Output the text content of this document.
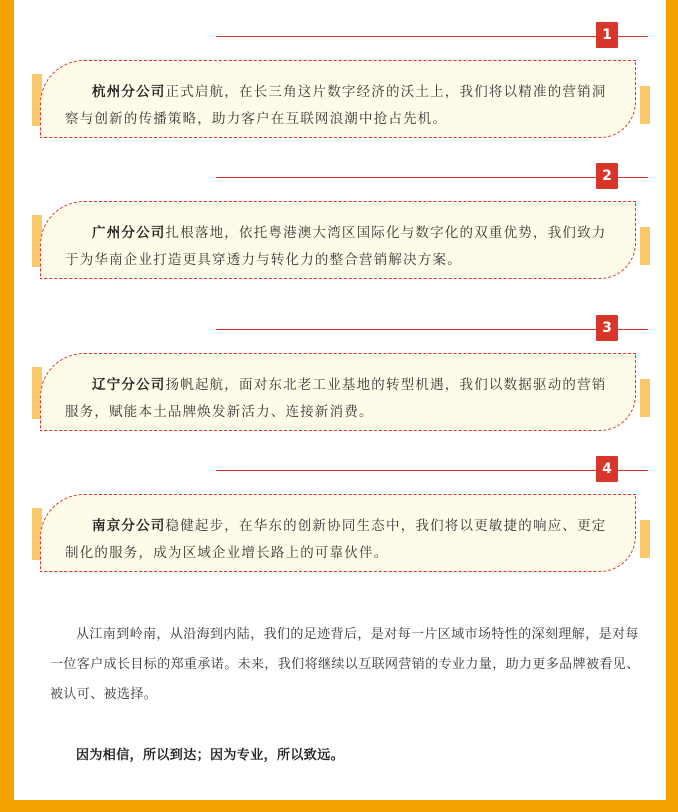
1

杭州分公司正式启航，在长三角这片数字经济的沃土上，我们将以精准的营销洞察与创新的传播策略，助力客户在互联网浪潮中抢占先机。

2

广州分公司扎根落地，依托粤港澳大湾区国际化与数字化的双重优势，我们致力于为华南企业打造更具穿透力与转化力的整合营销解决方案。

3

辽宁分公司扬帆起航，面对东北老工业基地的转型机遇，我们以数据驱动的营销服务，赋能本土品牌焕发新活力、连接新消费。

4

南京分公司稳健起步，在华东的创新协同生态中，我们将以更敏捷的响应、更定制化的服务，成为区域企业增长路上的可靠伙伴。

从江南到岭南，从沿海到内陆，我们的足迹背后，是对每一片区域市场特性的深刻理解，是对每一位客户成长目标的郑重承诺。未来，我们将继续以互联网营销的专业力量，助力更多品牌被看见、被认可、被选择。

因为相信，所以到达；因为专业，所以致远。
